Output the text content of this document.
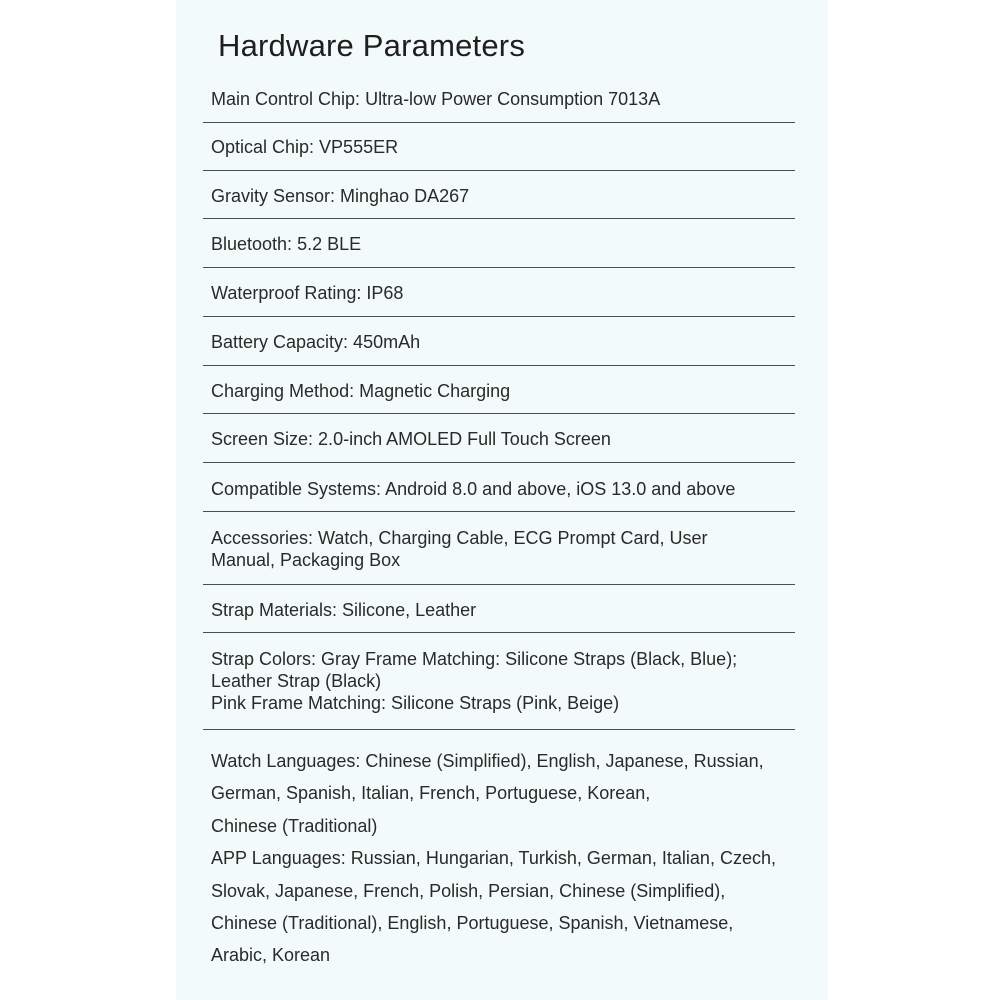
Hardware Parameters
Main Control Chip: Ultra-low Power Consumption 7013A
Optical Chip: VP555ER
Gravity Sensor: Minghao DA267
Bluetooth: 5.2 BLE
Waterproof Rating: IP68
Battery Capacity: 450mAh
Charging Method: Magnetic Charging
Screen Size: 2.0-inch AMOLED Full Touch Screen
Compatible Systems: Android 8.0 and above, iOS 13.0 and above
Accessories: Watch, Charging Cable, ECG Prompt Card, User
Manual, Packaging Box
Strap Materials: Silicone, Leather
Strap Colors: Gray Frame Matching: Silicone Straps (Black, Blue);
Leather Strap (Black)
Pink Frame Matching: Silicone Straps (Pink, Beige)
Watch Languages: Chinese (Simplified), English, Japanese, Russian,
German, Spanish, Italian, French, Portuguese, Korean,
Chinese (Traditional)
APP Languages: Russian, Hungarian, Turkish, German, Italian, Czech,
Slovak, Japanese, French, Polish, Persian, Chinese (Simplified),
Chinese (Traditional), English, Portuguese, Spanish, Vietnamese,
Arabic, Korean
